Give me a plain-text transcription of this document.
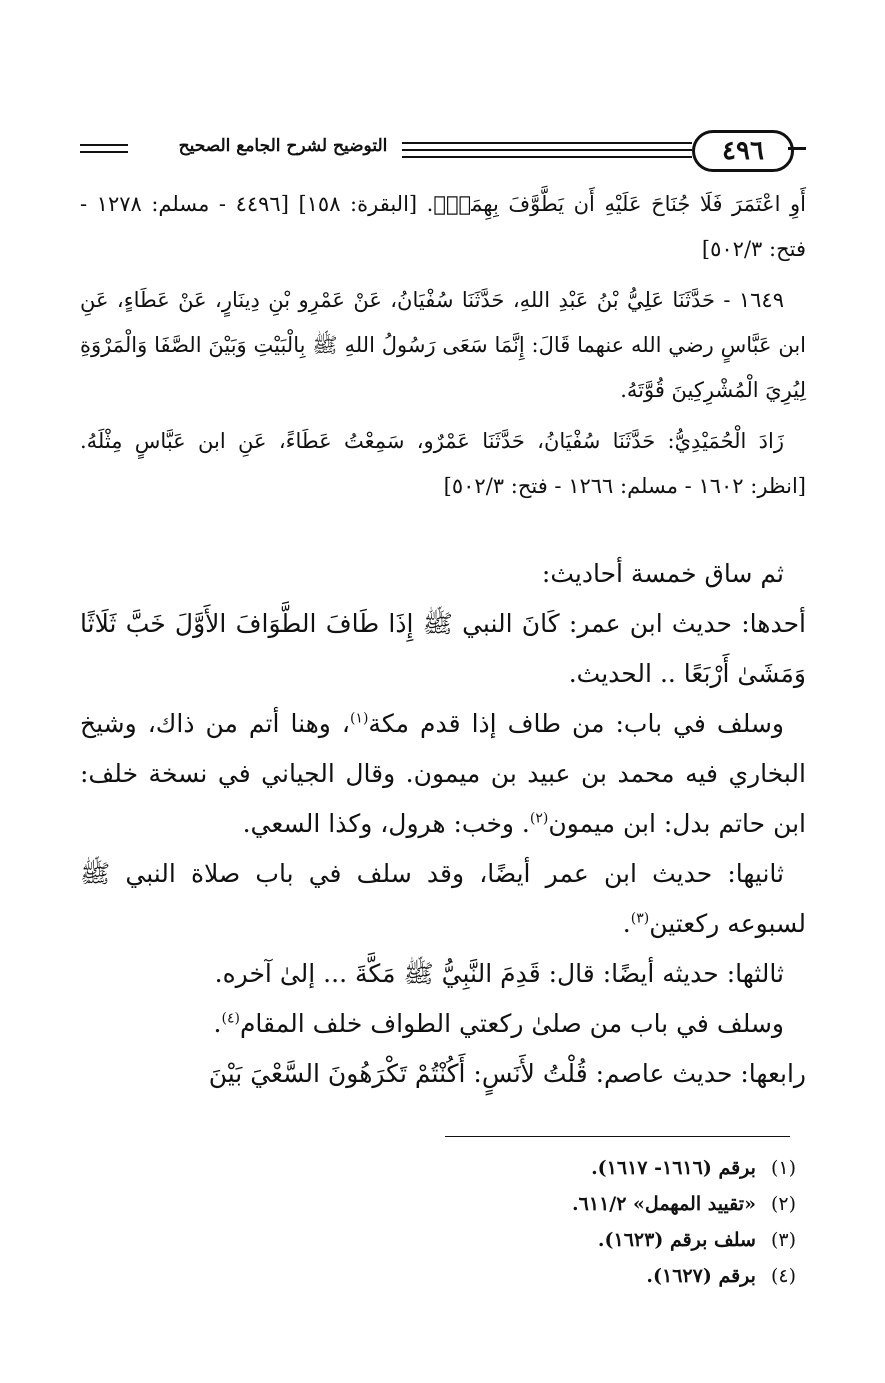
التوضيح لشرح الجامع الصحيح	٤٩٦

أَوِ اعْتَمَرَ فَلَا جُنَاحَ عَلَيْهِ أَن يَطَّوَّفَ بِهِمَاۚ﴾. [البقرة: ١٥٨] [٤٤٩٦ - مسلم: ١٢٧٨ - فتح: ٥٠٢/٣]

١٦٤٩ - حَدَّثَنَا عَلِيُّ بْنُ عَبْدِ اللهِ، حَدَّثَنَا سُفْيَانُ، عَنْ عَمْرِو بْنِ دِينَارٍ، عَنْ عَطَاءٍ، عَنِ ابن عَبَّاسٍ رضي الله عنهما قَالَ: إِنَّمَا سَعَى رَسُولُ اللهِ ﷺ بِالْبَيْتِ وَبَيْنَ الصَّفَا وَالْمَرْوَةِ لِيُرِيَ الْمُشْرِكِينَ قُوَّتَهُ.

زَادَ الْحُمَيْدِيُّ: حَدَّثَنَا سُفْيَانُ، حَدَّثَنَا عَمْرٌو، سَمِعْتُ عَطَاءً، عَنِ ابن عَبَّاسٍ مِثْلَهُ. [انظر: ١٦٠٢ - مسلم: ١٢٦٦ - فتح: ٥٠٢/٣]

ثم ساق خمسة أحاديث:

أحدها: حديث ابن عمر: كَانَ النبي ﷺ إِذَا طَافَ الطَّوَافَ الأَوَّلَ خَبَّ ثَلَاثًا وَمَشَىٰ أَرْبَعًا .. الحديث.

وسلف في باب: من طاف إذا قدم مكة$^{(١)}$، وهنا أتم من ذاك، وشيخ البخاري فيه محمد بن عبيد بن ميمون. وقال الجياني في نسخة خلف: ابن حاتم بدل: ابن ميمون$^{(٢)}$. وخب: هرول، وكذا السعي.

ثانيها: حديث ابن عمر أيضًا، وقد سلف في باب صلاة النبي ﷺ لسبوعه ركعتين$^{(٣)}$.

ثالثها: حديثه أيضًا: قال: قَدِمَ النَّبِيُّ ﷺ مَكَّةَ ... إلىٰ آخره.

وسلف في باب من صلىٰ ركعتي الطواف خلف المقام$^{(٤)}$.

رابعها: حديث عاصم: قُلْتُ لأَنَسٍ: أَكُنْتُمْ تَكْرَهُونَ السَّعْيَ بَيْنَ

(١) برقم (١٦١٦- ١٦١٧).
(٢) «تقييد المهمل» ٦١١/٢.
(٣) سلف برقم (١٦٢٣).
(٤) برقم (١٦٢٧).
